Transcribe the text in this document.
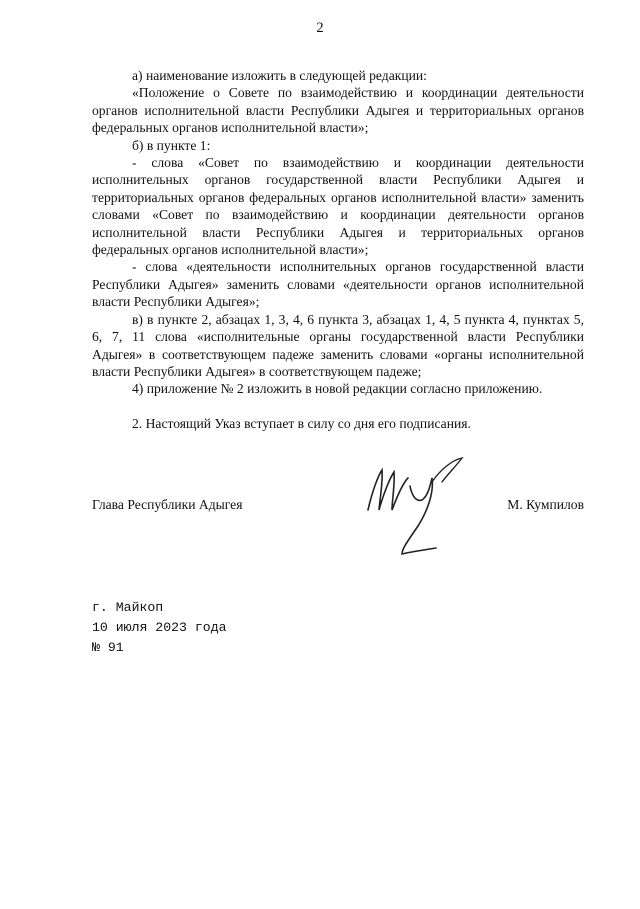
2

а) наименование изложить в следующей редакции:

«Положение о Совете по взаимодействию и координации деятельности органов исполнительной власти Республики Адыгея и территориальных органов федеральных органов исполнительной власти»;

б) в пункте 1:

- слова «Совет по взаимодействию и координации деятельности исполнительных органов государственной власти Республики Адыгея и территориальных органов федеральных органов исполнительной власти» заменить словами «Совет по взаимодействию и координации деятельности органов исполнительной власти Республики Адыгея и территориальных органов федеральных органов исполнительной власти»;

- слова «деятельности исполнительных органов государственной власти Республики Адыгея» заменить словами «деятельности органов исполнительной власти Республики Адыгея»;

в) в пункте 2, абзацах 1, 3, 4, 6 пункта 3, абзацах 1, 4, 5 пункта 4, пунктах 5, 6, 7, 11 слова «исполнительные органы государственной власти Республики Адыгея» в соответствующем падеже заменить словами «органы исполнительной власти Республики Адыгея» в соответствующем падеже;

4) приложение № 2 изложить в новой редакции согласно приложению.

2. Настоящий Указ вступает в силу со дня его подписания.

Глава Республики Адыгея	М. Кумпилов
г. Майкоп
10 июля 2023 года
№ 91
